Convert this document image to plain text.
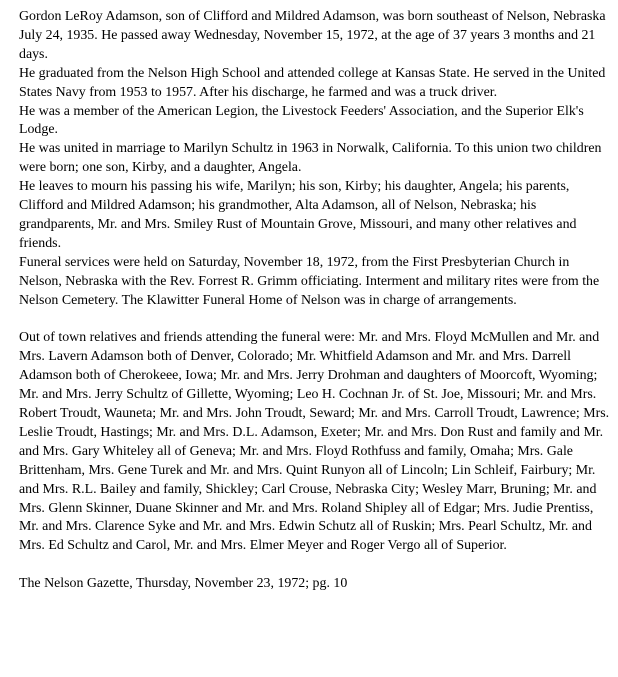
Gordon LeRoy Adamson, son of Clifford and Mildred Adamson, was born southeast of Nelson, Nebraska July 24, 1935. He passed away Wednesday, November 15, 1972, at the age of 37 years 3 months and 21 days.

He graduated from the Nelson High School and attended college at Kansas State. He served in the United States Navy from 1953 to 1957. After his discharge, he farmed and was a truck driver.

He was a member of the American Legion, the Livestock Feeders' Association, and the Superior Elk's Lodge.

He was united in marriage to Marilyn Schultz in 1963 in Norwalk, California. To this union two children were born; one son, Kirby, and a daughter, Angela.

He leaves to mourn his passing his wife, Marilyn; his son, Kirby; his daughter, Angela; his parents, Clifford and Mildred Adamson; his grandmother, Alta Adamson, all of Nelson, Nebraska; his grandparents, Mr. and Mrs. Smiley Rust of Mountain Grove, Missouri, and many other relatives and friends.

Funeral services were held on Saturday, November 18, 1972, from the First Presbyterian Church in Nelson, Nebraska with the Rev. Forrest R. Grimm officiating. Interment and military rites were from the Nelson Cemetery. The Klawitter Funeral Home of Nelson was in charge of arrangements.

Out of town relatives and friends attending the funeral were: Mr. and Mrs. Floyd McMullen and Mr. and Mrs. Lavern Adamson both of Denver, Colorado; Mr. Whitfield Adamson and Mr. and Mrs. Darrell Adamson both of Cherokeee, Iowa; Mr. and Mrs. Jerry Drohman and daughters of Moorcoft, Wyoming; Mr. and Mrs. Jerry Schultz of Gillette, Wyoming; Leo H. Cochnan Jr. of St. Joe, Missouri; Mr. and Mrs. Robert Troudt, Wauneta; Mr. and Mrs. John Troudt, Seward; Mr. and Mrs. Carroll Troudt, Lawrence; Mrs. Leslie Troudt, Hastings; Mr. and Mrs. D.L. Adamson, Exeter; Mr. and Mrs. Don Rust and family and Mr. and Mrs. Gary Whiteley all of Geneva; Mr. and Mrs. Floyd Rothfuss and family, Omaha; Mrs. Gale Brittenham, Mrs. Gene Turek and Mr. and Mrs. Quint Runyon all of Lincoln; Lin Schleif, Fairbury; Mr. and Mrs. R.L. Bailey and family, Shickley; Carl Crouse, Nebraska City; Wesley Marr, Bruning; Mr. and Mrs. Glenn Skinner, Duane Skinner and Mr. and Mrs. Roland Shipley all of Edgar; Mrs. Judie Prentiss, Mr. and Mrs. Clarence Syke and Mr. and Mrs. Edwin Schutz all of Ruskin; Mrs. Pearl Schultz, Mr. and Mrs. Ed Schultz and Carol, Mr. and Mrs. Elmer Meyer and Roger Vergo all of Superior.

The Nelson Gazette, Thursday, November 23, 1972; pg. 10
